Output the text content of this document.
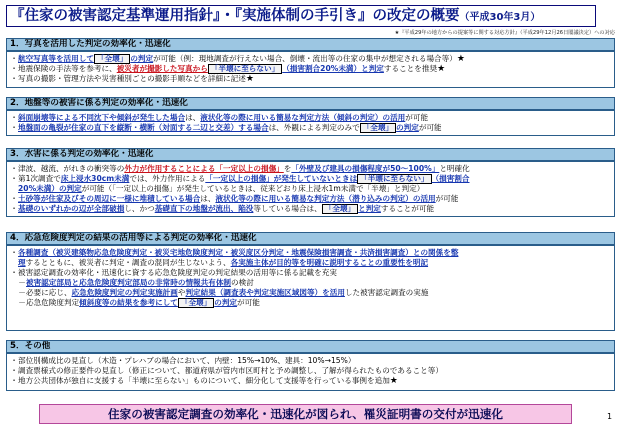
『住家の被害認定基準運用指針』・『実施体制の手引き』の改定の概要（平成30年3月）
★『平成29年の地方からの提案等に関する対応方針』（平成29年12月26日閣議決定）への対応
1．写真を活用した判定の効率化・迅速化
・航空写真等を活用して 「全壊」 の判定が可能（例：現地調査が行えない場合、倒壊・流出等の住家の集中が想定される場合等）★
・地震保険の手法等を参考に、被災者が撮影した写真から 「半壊に至らない」 （損害割合20%未満）と判定することを推奨★
・写真の撮影・管理方法や災害種別ごとの撮影手順などを詳細に記述★
2．地盤等の被害に係る判定の効率化・迅速化
・斜面崩壊等による不同沈下や傾斜が発生した場合は、液状化等の際に用いる簡易な判定方法（傾斜の判定）の活用が可能
・地盤面の亀裂が住家の直下を縦断・横断（対面する二辺と交差）する場合は、外観による判定のみで 「全壊」 の判定が可能
3．水害に係る判定の効率化・迅速化
・津波、越流、がれきの衝突等の外力が作用することによる「一定以上の損傷」を「外壁及び建具の損傷程度が50～100%」と明確化
・第1次調査で床上浸水30cm未満では、外力作用による「一定以上の損傷」が発生していないときは 「半壊に至らない」 （損害割合
20%未満）の判定が可能（「一定以上の損傷」が発生しているときは、従来どおり床上浸水1m未満で「半壊」と判定）
・土砂等が住家及びその周辺に一様に堆積している場合は、液状化等の際に用いる簡易な判定方法（潜り込みの判定）の活用が可能
・基礎のいずれかの辺が全部破損し、かつ基礎直下の地盤が流出、陥没等している場合は、 「全壊」 と判定することが可能
4．応急危険度判定の結果の活用等による判定の効率化・迅速化
・各種調査（被災建築物応急危険度判定・被災宅地危険度判定・被災度区分判定・地震保険損害調査・共済損害調査）との関係を整
理するとともに、被災者に判定・調査の混同が生じないよう、各実施主体が目的等を明確に説明することの重要性を明記
・被害認定調査の効率化・迅速化に資する応急危険度判定の判定結果の活用等に係る記載を充実
－被害認定部局と応急危険度判定部局の非常時の情報共有体制の検討
－必要に応じ、応急危険度判定の判定実施計画や判定結果（調査表や判定実施区域図等）を活用した被害認定調査の実施
－応急危険度判定傾斜度等の結果を参考にして 「全壊」 の判定が可能
5．その他
・部位別構成比の見直し（木造・プレハブの場合において、内壁：15%→10%、建具：10%→15%）
・調査票様式の修正要件の見直し（修正について、都道府県が管内市区町村と予め調整し、了解が得られたものであること等）
・地方公共団体が独自に支援する「半壊に至らない」ものについて、細分化して支援等を行っている事例を追加★
住家の被害認定調査の効率化・迅速化が図られ、罹災証明書の交付が迅速化	1
